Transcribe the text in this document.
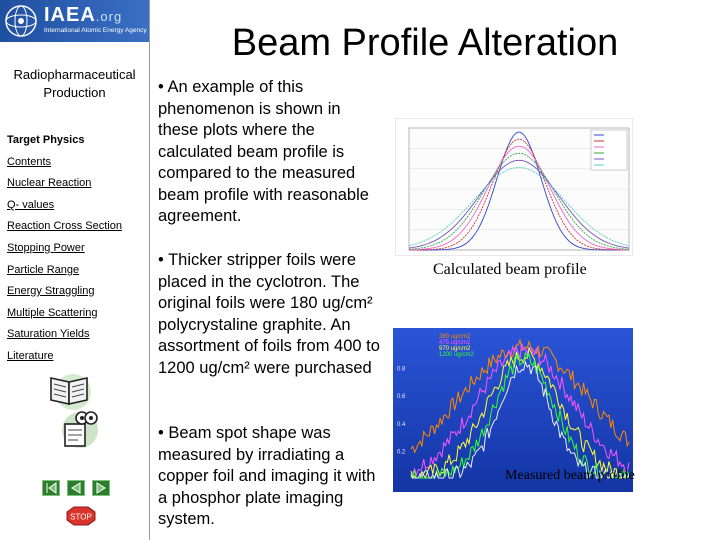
IAEA.org
International Atomic Energy Agency
Radiopharmaceutical Production
Target Physics
Contents
Nuclear Reaction
Q- values
Reaction Cross Section
Stopping Power
Particle Range
Energy Straggling
Multiple Scattering
Saturation Yields
Literature
STOP
Beam Profile Alteration

• An example of this phenomenon is shown in these plots where the calculated beam profile is compared to the measured beam profile with reasonable agreement.

• Thicker stripper foils were placed in the cyclotron. The original foils were 180 ug/cm² polycrystaline graphite. An assortment of foils from 400 to 1200 ug/cm² were purchased

• Beam spot shape was measured by irradiating a copper foil and imaging it with a phosphor plate imaging system.

Calculated beam profile
0.8
0.6
0.4
0.2
380 ug/cm2
475 ug/cm2
970 ug/cm2
1200 ug/cm2
Measured beam profile
